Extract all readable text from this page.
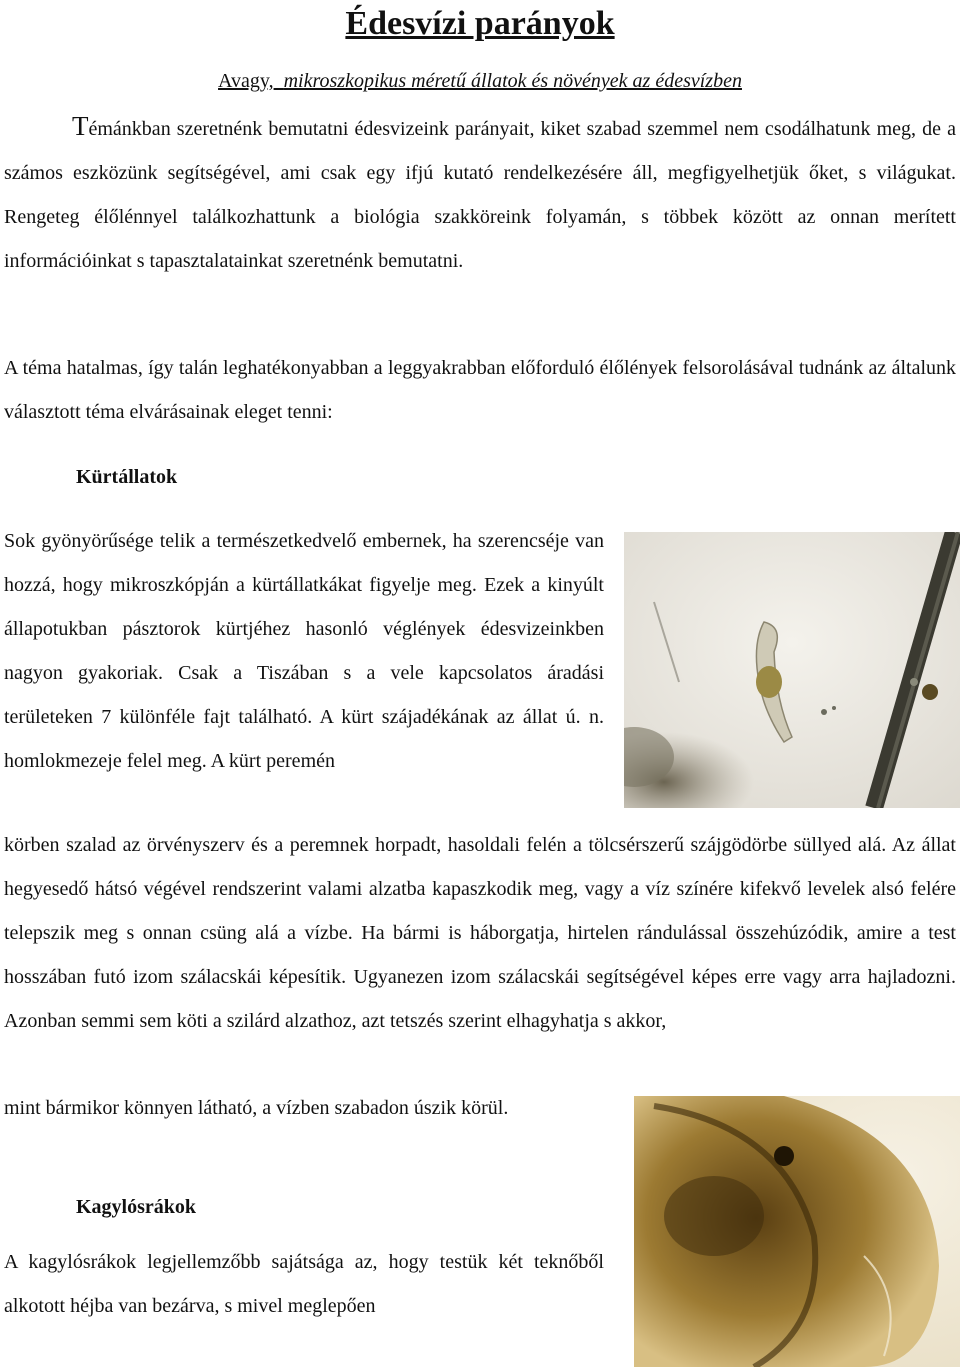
Édesvízi parányok

Avagy, mikroszkopikus méretű állatok és növények az édesvízben

Témánkban szeretnénk bemutatni édesvizeink parányait, kiket szabad szemmel nem csodálhatunk meg, de a számos eszközünk segítségével, ami csak egy ifjú kutató rendelkezésére áll, megfigyelhetjük őket, s világukat. Rengeteg élőlénnyel találkozhattunk a biológia szakköreink folyamán, s többek között az onnan merített információinkat s tapasztalatainkat szeretnénk bemutatni.

A téma hatalmas, így talán leghatékonyabban a leggyakrabban előforduló élőlények felsorolásával tudnánk az általunk választott téma elvárásainak eleget tenni:

Kürtállatok

Sok gyönyörűsége telik a természetkedvelő embernek, ha szerencséje van hozzá, hogy mikroszkópján a kürtállatkákat figyelje meg. Ezek a kinyúlt állapotukban pásztorok kürtjéhez hasonló véglények édesvizeinkben nagyon gyakoriak. Csak a Tiszában s a vele kapcsolatos áradási területeken 7 különféle fajt található. A kürt szájadékának az állat ú. n. homlokmezeje felel meg. A kürt peremén

körben szalad az örvényszerv és a peremnek horpadt, hasoldali felén a tölcsérszerű szájgödörbe süllyed alá. Az állat hegyesedő hátsó végével rendszerint valami alzatba kapaszkodik meg, vagy a víz színére kifekvő levelek alsó felére telepszik meg s onnan csüng alá a vízbe. Ha bármi is háborgatja, hirtelen rándulással összehúzódik, amire a test hosszában futó izom szálacskái képesítik. Ugyanezen izom szálacskái segítségével képes erre vagy arra hajladozni. Azonban semmi sem köti a szilárd alzathoz, azt tetszés szerint elhagyhatja s akkor,

mint bármikor könnyen látható, a vízben szabadon úszik körül.

Kagylósrákok

A kagylósrákok legjellemzőbb sajátsága az, hogy testük két teknőből alkotott héjba van bezárva, s mivel meglepően
